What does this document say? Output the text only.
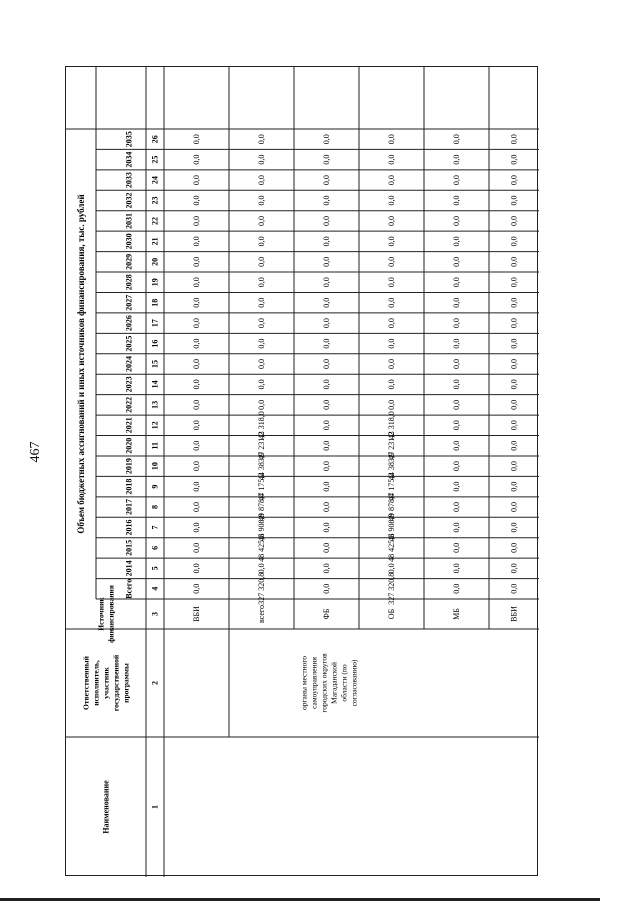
467	Объем бюджетных ассигнований и иных источников финансирования, тыс. рублей
Всего
2014
2015
2016
2017
2018
2019
2020
2021
2022
2023
2024
2025
2026
2027
2028
2029
2030
2031
2032
2033
2034
2035
Источникфинансирования
Ответственныйисполнитель,участникгосударственнойпрограммы
Наименование	1
2
3
4
5
6
7
8
9
10
11
12
13
14
15
16
17
18
19
20
21
22
23
24
25
26
ВБИ
0,0
0,0
0,0
0,0
0,0
0,0
0,0
0,0
0,0
0,0
0,0
0,0
0,0
0,0
0,0
0,0
0,0
0,0
0,0
0,0
0,0
0,0
0,0
всего
327 320,8
0,0
48 425,3
46 908,8
49 878,4
47 175,2
44 383,9
47 231,2
43 318,0
0,0
0,0
0,0
0,0
0,0
0,0
0,0
0,0
0,0
0,0
0,0
0,0
0,0
0,0
ФБ
0,0
0,0
0,0
0,0
0,0
0,0
0,0
0,0
0,0
0,0
0,0
0,0
0,0
0,0
0,0
0,0
0,0
0,0
0,0
0,0
0,0
0,0
0,0
ОБ
327 320,8
0,0
48 425,3
46 908,8
49 878,4
47 175,2
44 383,9
47 231,2
43 318,0
0,0
0,0
0,0
0,0
0,0
0,0
0,0
0,0
0,0
0,0
0,0
0,0
0,0
0,0
МБ
0,0
0,0
0,0
0,0
0,0
0,0
0,0
0,0
0,0
0,0
0,0
0,0
0,0
0,0
0,0
0,0
0,0
0,0
0,0
0,0
0,0
0,0
0,0
ВБИ
0,0
0,0
0,0
0,0
0,0
0,0
0,0
0,0
0,0
0,0
0,0
0,0
0,0
0,0
0,0
0,0
0,0
0,0
0,0
0,0
0,0
0,0
0,0
органы местногосамоуправлениягородских округовМагаданскойобласти (посогласованию)
